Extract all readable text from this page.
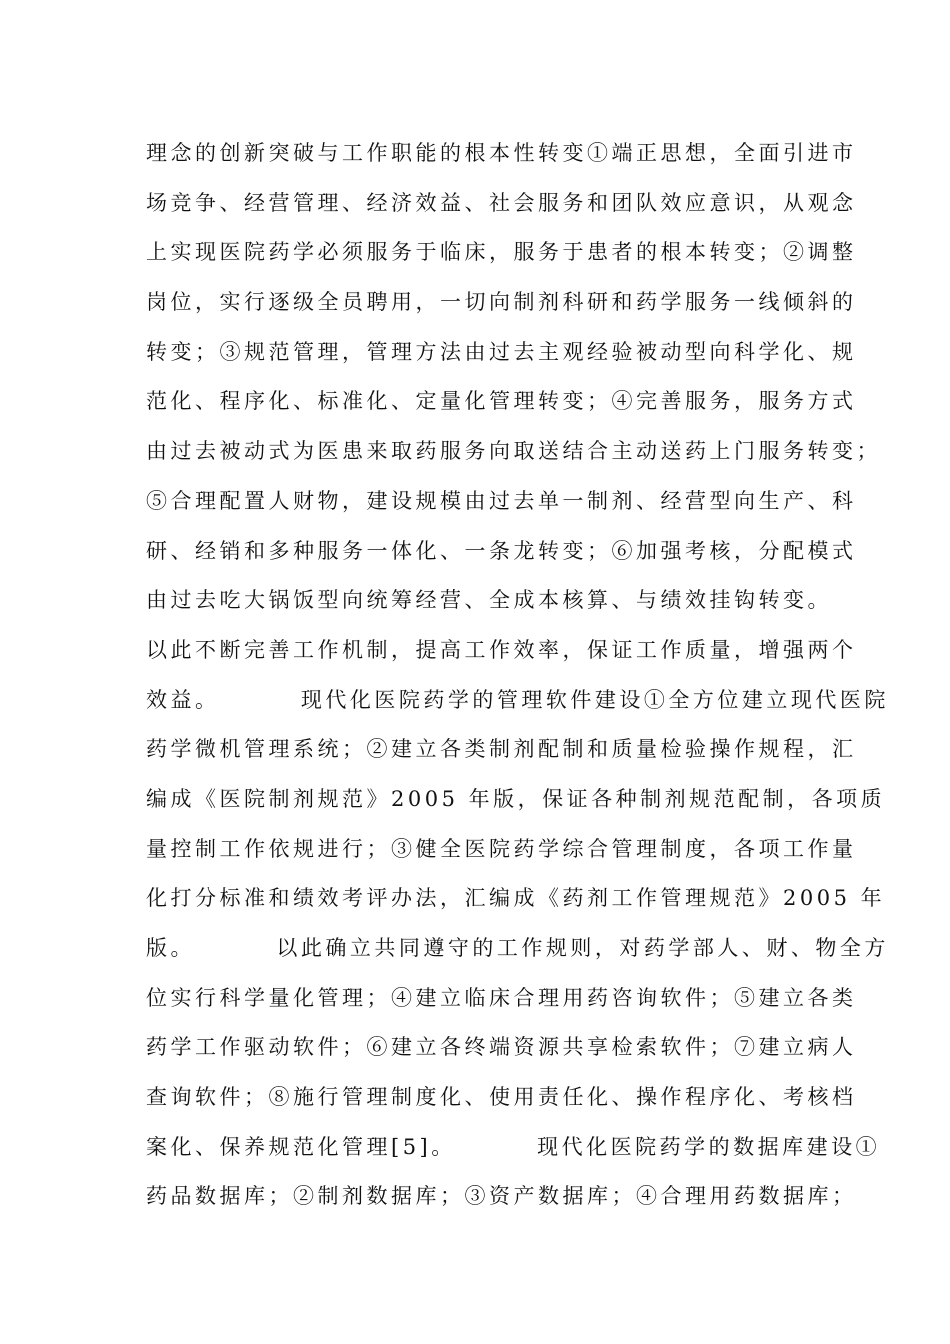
理念的创新突破与工作职能的根本性转变①端正思想，全面引进市
场竞争、经营管理、经济效益、社会服务和团队效应意识，从观念
上实现医院药学必须服务于临床，服务于患者的根本转变；②调整
岗位，实行逐级全员聘用，一切向制剂科研和药学服务一线倾斜的
转变；③规范管理，管理方法由过去主观经验被动型向科学化、规
范化、程序化、标准化、定量化管理转变；④完善服务，服务方式
由过去被动式为医患来取药服务向取送结合主动送药上门服务转变；
⑤合理配置人财物，建设规模由过去单一制剂、经营型向生产、科
研、经销和多种服务一体化、一条龙转变；⑥加强考核，分配模式
由过去吃大锅饭型向统筹经营、全成本核算、与绩效挂钩转变。
以此不断完善工作机制，提高工作效率，保证工作质量，增强两个
效益。        现代化医院药学的管理软件建设①全方位建立现代医院
药学微机管理系统；②建立各类制剂配制和质量检验操作规程，汇
编成《医院制剂规范》2005 年版，保证各种制剂规范配制，各项质
量控制工作依规进行；③健全医院药学综合管理制度，各项工作量
化打分标准和绩效考评办法，汇编成《药剂工作管理规范》2005 年
版。        以此确立共同遵守的工作规则，对药学部人、财、物全方
位实行科学量化管理；④建立临床合理用药咨询软件；⑤建立各类
药学工作驱动软件；⑥建立各终端资源共享检索软件；⑦建立病人
查询软件；⑧施行管理制度化、使用责任化、操作程序化、考核档
案化、保养规范化管理[5]。        现代化医院药学的数据库建设①
药品数据库；②制剂数据库；③资产数据库；④合理用药数据库；
